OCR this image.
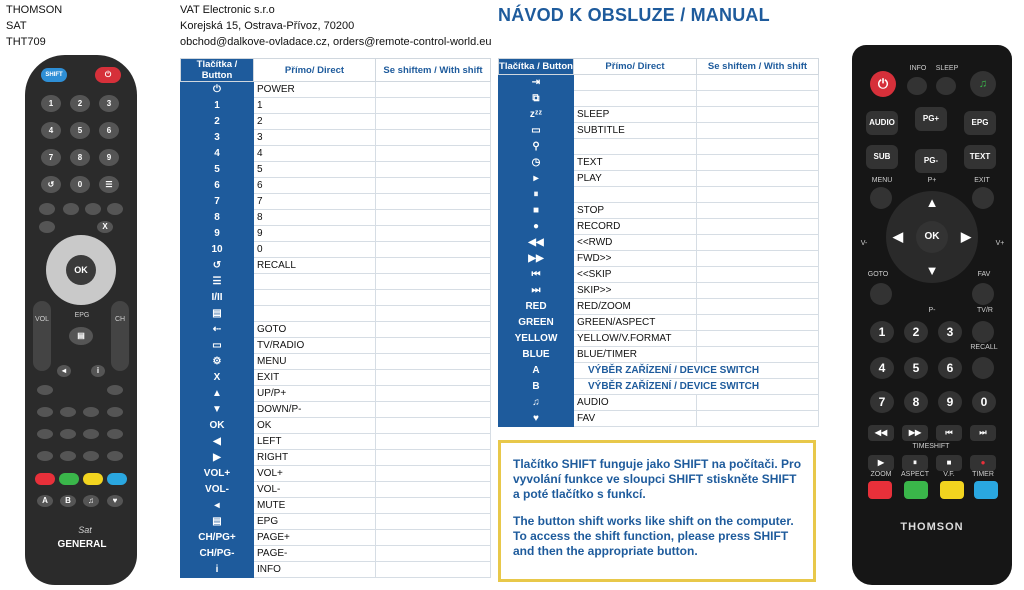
THOMSON
SAT
THT709
VAT Electronic s.r.o
Korejská 15, Ostrava-Přívoz, 70200
obchod@dalkove-ovladace.cz, orders@remote-control-world.eu
NÁVOD K OBSLUZE / MANUAL
Tlačítka / Button	Přímo/ Direct	Se shiftem / With shift
⏻	POWER	
1	1	
2	2	
3	3	
4	4	
5	5	
6	6	
7	7	
8	8	
9	9	
10	0	
↺	RECALL	
☰		
I/II		
▤		
⇠	GOTO	
▭	TV/RADIO	
⚙	MENU	
X	EXIT	
▲	UP/P+	
▼	DOWN/P-	
OK	OK	
◀	LEFT	
▶	RIGHT	
VOL+	VOL+	
VOL-	VOL-	
◂	MUTE	
▤	EPG	
CH/PG+	PAGE+	
CH/PG-	PAGE-	
i	INFO	
Tlačítka / Button	Přímo/ Direct	Se shiftem / With shift
⇥		
⧉		
zᶻᶻ	SLEEP	
▭	SUBTITLE	
⚲		
◷	TEXT	
▸	PLAY	
⏸		
■	STOP	
●	RECORD	
◀◀	<<RWD	
▶▶	FWD>>	
⏮	<<SKIP	
⏭	SKIP>>	
RED	RED/ZOOM	
GREEN	GREEN/ASPECT	
YELLOW	YELLOW/V.FORMAT	
BLUE	BLUE/TIMER	
A	VÝBĚR ZAŘÍZENÍ / DEVICE SWITCH	
B	VÝBĚR ZAŘÍZENÍ / DEVICE SWITCH	
♫	AUDIO	
♥	FAV	

Tlačítko SHIFT funguje jako SHIFT na počítači. Pro vyvolání funkce ve sloupci SHIFT stiskněte SHIFT a poté tlačítko s funkcí.

The button shift works like shift on the computer. To access the shift function, please press SHIFT and then the appropriate button.

SHIFT	⏻
1	2	3
4	5	6
7	8	9
↺	0	☰
X
OK
VOL	CH
EPG
▤
◂	i
A	B	♫	♥
Sat
GENERAL
⏻
INFO	SLEEP
♫
AUDIO	PG+	EPG
SUB	PG-	TEXT
MENU	P+	EXIT
OK
▲
▼
◀	▶
V-	V+
GOTO	FAV
P-	TV/R
1	2	3
RECALL
4	5	6
7	8	9	0
◀◀	▶▶	⏮	⏭
TIMESHIFT
▶	⏸	■	●
ZOOM	ASPECT	V.F.	TIMER
THOMSON
